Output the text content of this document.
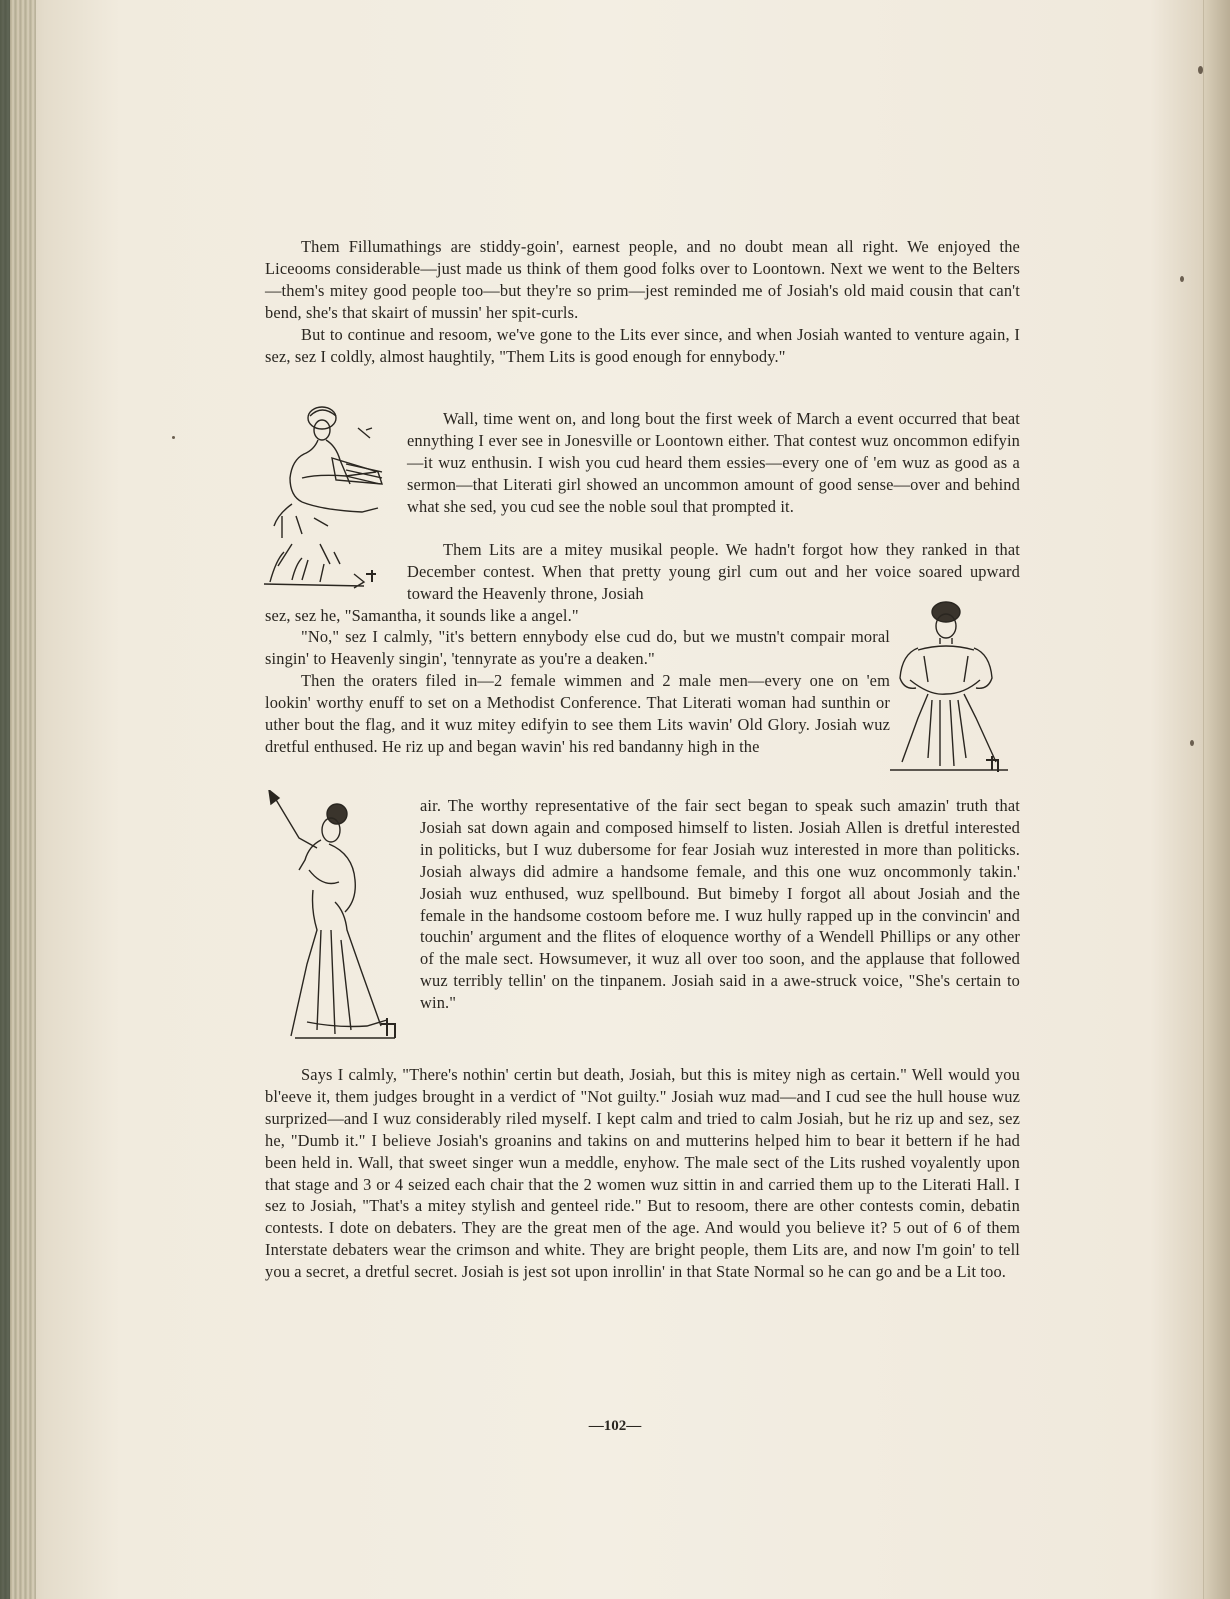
Them Fillumathings are stiddy-goin', earnest people, and no doubt mean all right. We enjoyed the Liceooms considerable—just made us think of them good folks over to Loontown. Next we went to the Belters—them's mitey good people too—but they're so prim—jest reminded me of Josiah's old maid cousin that can't bend, she's that skairt of mussin' her spit-curls.

But to continue and resoom, we've gone to the Lits ever since, and when Josiah wanted to venture again, I sez, sez I coldly, almost haughtily, "Them Lits is good enough for ennybody."

Wall, time went on, and long bout the first week of March a event occurred that beat ennything I ever see in Jonesville or Loontown either. That contest wuz oncommon edifyin—it wuz enthusin. I wish you cud heard them essies—every one of 'em wuz as good as a sermon—that Literati girl showed an uncommon amount of good sense—over and behind what she sed, you cud see the noble soul that prompted it.

Them Lits are a mitey musikal people. We hadn't forgot how they ranked in that December contest. When that pretty young girl cum out and her voice soared upward toward the Heavenly throne, Josiah

sez, sez he, "Samantha, it sounds like a angel."

"No," sez I calmly, "it's bettern ennybody else cud do, but we mustn't compair moral singin' to Heavenly singin', 'tennyrate as you're a deaken."

Then the oraters filed in—2 female wimmen and 2 male men—every one on 'em lookin' worthy enuff to set on a Methodist Conference. That Literati woman had sunthin or uther bout the flag, and it wuz mitey edifyin to see them Lits wavin' Old Glory. Josiah wuz dretful enthused. He riz up and began wavin' his red bandanny high in the

air. The worthy representative of the fair sect began to speak such amazin' truth that Josiah sat down again and composed himself to listen. Josiah Allen is dretful interested in politicks, but I wuz dubersome for fear Josiah wuz interested in more than politicks. Josiah always did admire a handsome female, and this one wuz oncommonly takin.' Josiah wuz enthused, wuz spellbound. But bimeby I forgot all about Josiah and the female in the handsome costoom before me. I wuz hully rapped up in the convincin' and touchin' argument and the flites of eloquence worthy of a Wendell Phillips or any other of the male sect. Howsumever, it wuz all over too soon, and the applause that followed wuz terribly tellin' on the tinpanem. Josiah said in a awe-struck voice, "She's certain to win."

Says I calmly, "There's nothin' certin but death, Josiah, but this is mitey nigh as certain." Well would you bl'eeve it, them judges brought in a verdict of "Not guilty." Josiah wuz mad—and I cud see the hull house wuz surprized—and I wuz considerably riled myself. I kept calm and tried to calm Josiah, but he riz up and sez, sez he, "Dumb it." I believe Josiah's groanins and takins on and mutterins helped him to bear it bettern if he had been held in. Wall, that sweet singer wun a meddle, enyhow. The male sect of the Lits rushed voyalently upon that stage and 3 or 4 seized each chair that the 2 women wuz sittin in and carried them up to the Literati Hall. I sez to Josiah, "That's a mitey stylish and genteel ride." But to resoom, there are other contests comin, debatin contests. I dote on debaters. They are the great men of the age. And would you believe it? 5 out of 6 of them Interstate debaters wear the crimson and white. They are bright people, them Lits are, and now I'm goin' to tell you a secret, a dretful secret. Josiah is jest sot upon inrollin' in that State Normal so he can go and be a Lit too.

—102—
